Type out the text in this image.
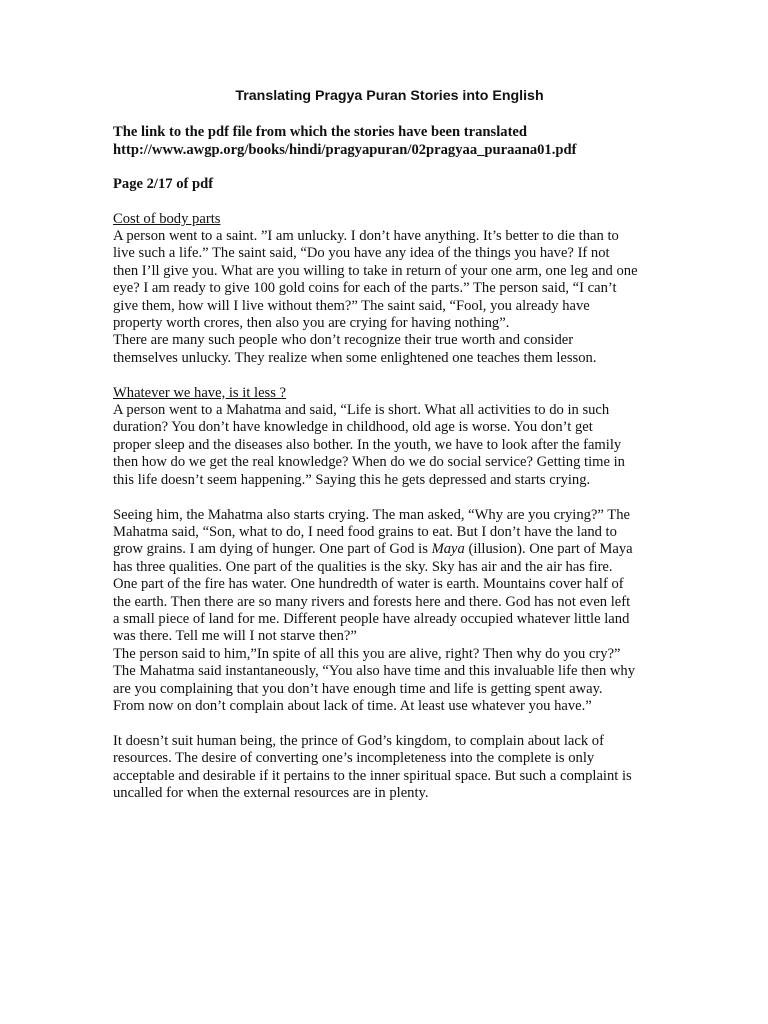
Translating Pragya Puran Stories into English
The link to the pdf file from which the stories have been translated
http://www.awgp.org/books/hindi/pragyapuran/02pragyaa_puraana01.pdf
Page 2/17 of pdf
Cost of body parts
A person went to a saint. ”I am unlucky. I don’t have anything. It’s better to die than to
live such a life.” The saint said, “Do you have any idea of the things you have? If not
then I’ll give you. What are you willing to take in return of your one arm, one leg and one
eye? I am ready to give 100 gold coins for each of the parts.” The person said, “I can’t
give them, how will I live without them?” The saint said, “Fool, you already have
property worth crores, then also you are crying for having nothing”.
There are many such people who don’t recognize their true worth and consider
themselves unlucky. They realize when some enlightened one teaches them lesson.
Whatever we have, is it less ?
A person went to a Mahatma and said, “Life is short. What all activities to do in such
duration? You don’t have knowledge in childhood, old age is worse. You don’t get
proper sleep and the diseases also bother. In the youth, we have to look after the family
then how do we get the real knowledge? When do we do social service? Getting time in
this life doesn’t seem happening.” Saying this he gets depressed and starts crying.
Seeing him, the Mahatma also starts crying. The man asked, “Why are you crying?” The
Mahatma said, “Son, what to do, I need food grains to eat. But I don’t have the land to
grow grains. I am dying of hunger. One part of God is Maya (illusion). One part of Maya
has three qualities. One part of the qualities is the sky. Sky has air and the air has fire.
One part of the fire has water. One hundredth of water is earth. Mountains cover half of
the earth. Then there are so many rivers and forests here and there. God has not even left
a small piece of land for me. Different people have already occupied whatever little land
was there. Tell me will I not starve then?”
The person said to him,”In spite of all this you are alive, right? Then why do you cry?”
The Mahatma said instantaneously, “You also have time and this invaluable life then why
are you complaining that you don’t have enough time and life is getting spent away.
From now on don’t complain about lack of time. At least use whatever you have.”
It doesn’t suit human being, the prince of God’s kingdom, to complain about lack of
resources. The desire of converting one’s incompleteness into the complete is only
acceptable and desirable if it pertains to the inner spiritual space. But such a complaint is
uncalled for when the external resources are in plenty.
